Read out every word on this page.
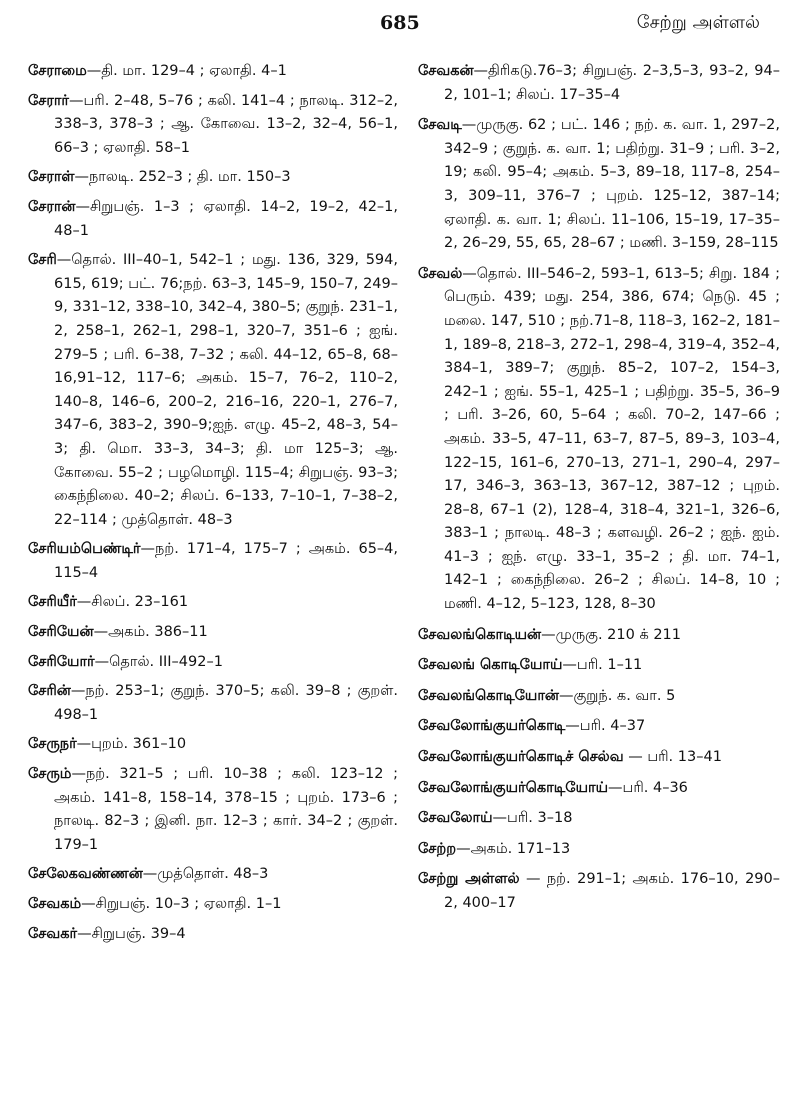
685	சேற்று அள்ளல்
சேராமை—தி. மா. 129–4 ; ஏலாதி. 4–1
சேரார்—பரி. 2–48, 5–76 ; கலி. 141–4 ; நாலடி. 312–2, 338–3, 378–3 ; ஆ. கோவை. 13–2, 32–4, 56–1, 66–3 ; ஏலாதி. 58–1
சேராள்—நாலடி. 252–3 ; தி. மா. 150–3
சேரான்—சிறுபஞ். 1–3 ; ஏலாதி. 14–2, 19–2, 42–1, 48–1
சேரி—தொல். III–40–1, 542–1 ; மது. 136, 329, 594, 615, 619; பட். 76;நற். 63–3, 145–9, 150–7, 249–9, 331–12, 338–10, 342–4, 380–5; குறுந். 231–1, 2, 258–1, 262–1, 298–1, 320–7, 351–6 ; ஐங். 279–5 ; பரி. 6–38, 7–32 ; கலி. 44–12, 65–8, 68–16,91–12, 117–6; அகம். 15–7, 76–2, 110–2, 140–8, 146–6, 200–2, 216–16, 220–1, 276–7, 347–6, 383–2, 390–9;ஐந். எழு. 45–2, 48–3, 54–3; தி. மொ. 33–3, 34–3; தி. மா 125–3; ஆ. கோவை. 55–2 ; பழமொழி. 115–4; சிறுபஞ். 93–3; கைந்நிலை. 40–2; சிலப். 6–133, 7–10–1, 7–38–2, 22–114 ; முத்தொள். 48–3
சேரியம்பெண்டிர்—நற். 171–4, 175–7 ; அகம். 65–4, 115–4
சேரியீர்—சிலப். 23–161
சேரியேன்—அகம். 386–11
சேரியோர்—தொல். III–492–1
சேரின்—நற். 253–1; குறுந். 370–5; கலி. 39–8 ; குறள். 498–1
சேருநர்—புறம். 361–10
சேரும்—நற். 321–5 ; பரி. 10–38 ; கலி. 123–12 ; அகம். 141–8, 158–14, 378–15 ; புறம். 173–6 ; நாலடி. 82–3 ; இனி. நா. 12–3 ; கார். 34–2 ; குறள். 179–1
சேலேகவண்ணன்—முத்தொள். 48–3
சேவகம்—சிறுபஞ். 10–3 ; ஏலாதி. 1–1
சேவகர்—சிறுபஞ். 39–4
சேவகன்—திரிகடு.76–3; சிறுபஞ். 2–3,5–3, 93–2, 94–2, 101–1; சிலப். 17–35–4
சேவடி—முருகு. 62 ; பட். 146 ; நற். க. வா. 1, 297–2, 342–9 ; குறுந். க. வா. 1; பதிற்று. 31–9 ; பரி. 3–2, 19; கலி. 95–4; அகம். 5–3, 89–18, 117–8, 254–3, 309–11, 376–7 ; புறம். 125–12, 387–14; ஏலாதி. க. வா. 1; சிலப். 11–106, 15–19, 17–35–2, 26–29, 55, 65, 28–67 ; மணி. 3–159, 28–115
சேவல்—தொல். III–546–2, 593–1, 613–5; சிறு. 184 ; பெரும். 439; மது. 254, 386, 674; நெடு. 45 ; மலை. 147, 510 ; நற்.71–8, 118–3, 162–2, 181–1, 189–8, 218–3, 272–1, 298–4, 319–4, 352–4, 384–1, 389–7; குறுந். 85–2, 107–2, 154–3, 242–1 ; ஐங். 55–1, 425–1 ; பதிற்று. 35–5, 36–9 ; பரி. 3–26, 60, 5–64 ; கலி. 70–2, 147–66 ; அகம். 33–5, 47–11, 63–7, 87–5, 89–3, 103–4, 122–15, 161–6, 270–13, 271–1, 290–4, 297–17, 346–3, 363–13, 367–12, 387–12 ; புறம். 28–8, 67–1 (2), 128–4, 318–4, 321–1, 326–6, 383–1 ; நாலடி. 48–3 ; களவழி. 26–2 ; ஐந். ஐம். 41–3 ; ஐந். எழு. 33–1, 35–2 ; தி. மா. 74–1, 142–1 ; கைந்நிலை. 26–2 ; சிலப். 14–8, 10 ; மணி. 4–12, 5–123, 128, 8–30
சேவலங்கொடியன்—முருகு. 210 க் 211
சேவலங் கொடியோய்—பரி. 1–11
சேவலங்கொடியோன்—குறுந். க. வா. 5
சேவலோங்குயர்கொடி—பரி. 4–37
சேவலோங்குயர்கொடிச் செல்வ — பரி. 13–41
சேவலோங்குயர்கொடியோய்—பரி. 4–36
சேவலோய்—பரி. 3–18
சேற்ற—அகம். 171–13
சேற்று அள்ளல் — நற். 291–1; அகம். 176–10, 290–2, 400–17
